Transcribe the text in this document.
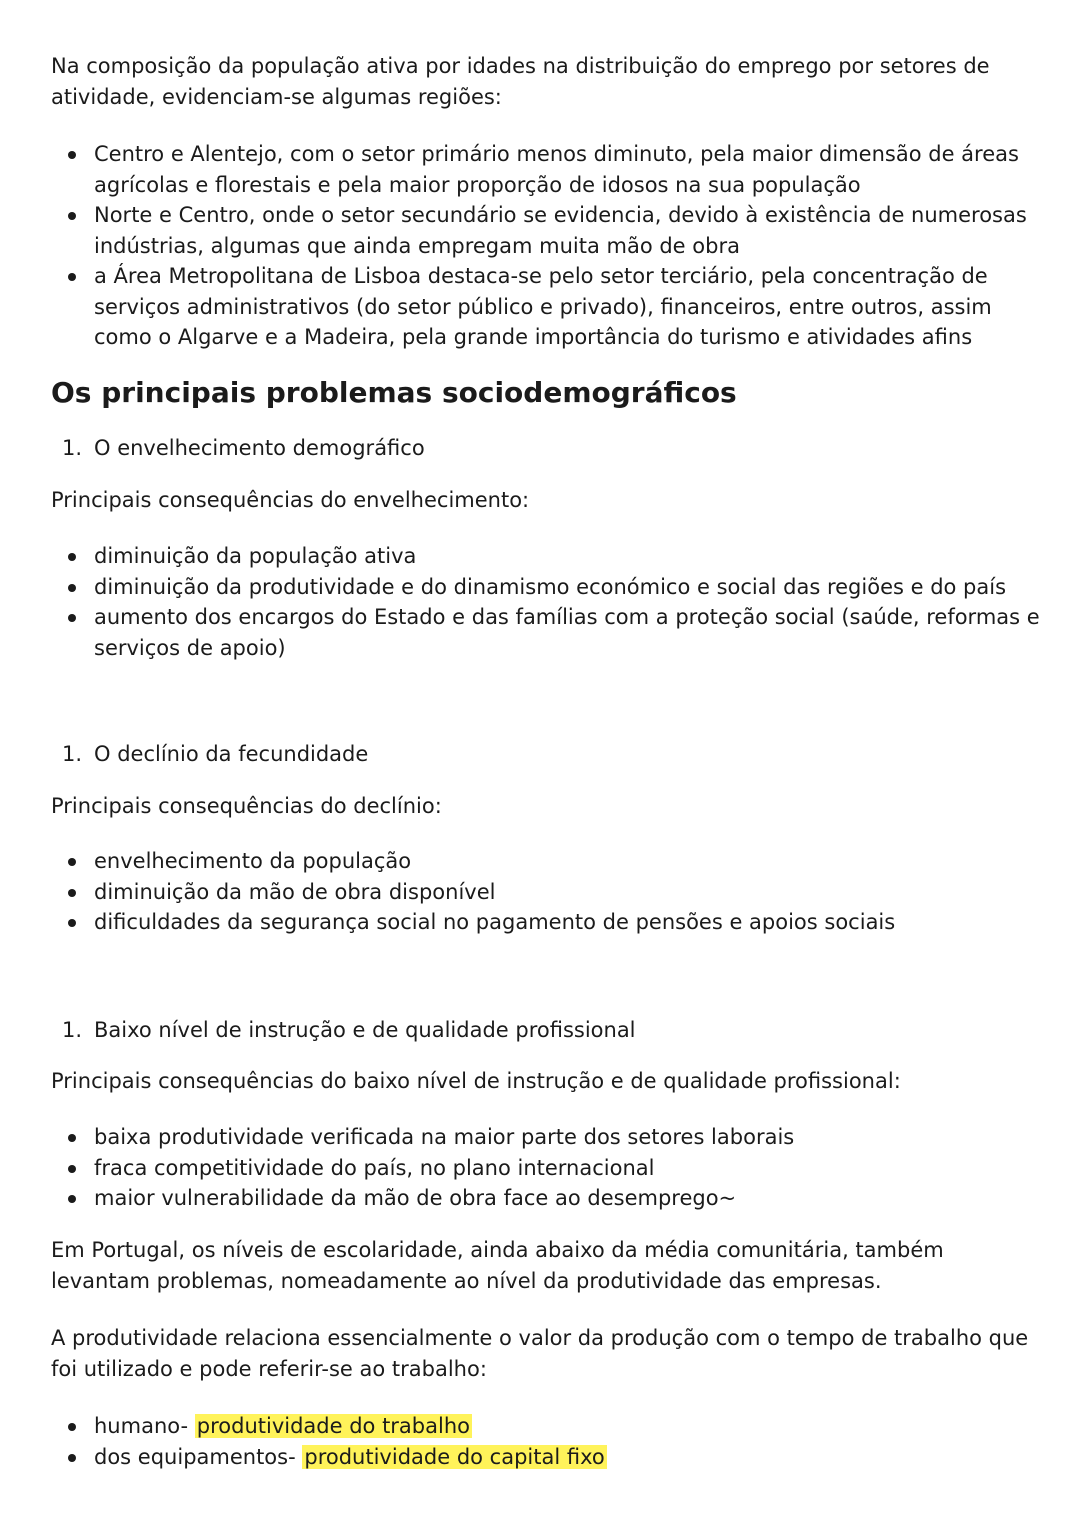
Na composição da população ativa por idades na distribuição do emprego por setores de atividade, evidenciam-se algumas regiões:

Centro e Alentejo, com o setor primário menos diminuto, pela maior dimensão de áreas agrícolas e florestais e pela maior proporção de idosos na sua população
Norte e Centro, onde o setor secundário se evidencia, devido à existência de numerosas indústrias, algumas que ainda empregam muita mão de obra
a Área Metropolitana de Lisboa destaca-se pelo setor terciário, pela concentração de serviços administrativos (do setor público e privado), financeiros, entre outros, assim como o Algarve e a Madeira, pela grande importância do turismo e atividades afins
Os principais problemas sociodemográficos
1. O envelhecimento demográfico

Principais consequências do envelhecimento:

diminuição da população ativa
diminuição da produtividade e do dinamismo económico e social das regiões e do país
aumento dos encargos do Estado e das famílias com a proteção social (saúde, reformas e serviços de apoio)
1. O declínio da fecundidade

Principais consequências do declínio:

envelhecimento da população
diminuição da mão de obra disponível
dificuldades da segurança social no pagamento de pensões e apoios sociais
1. Baixo nível de instrução e de qualidade profissional

Principais consequências do baixo nível de instrução e de qualidade profissional:

baixa produtividade verificada na maior parte dos setores laborais
fraca competitividade do país, no plano internacional
maior vulnerabilidade da mão de obra face ao desemprego~

Em Portugal, os níveis de escolaridade, ainda abaixo da média comunitária, também levantam problemas, nomeadamente ao nível da produtividade das empresas.

A produtividade relaciona essencialmente o valor da produção com o tempo de trabalho que foi utilizado e pode referir-se ao trabalho:

humano- produtividade do trabalho
dos equipamentos- produtividade do capital fixo
